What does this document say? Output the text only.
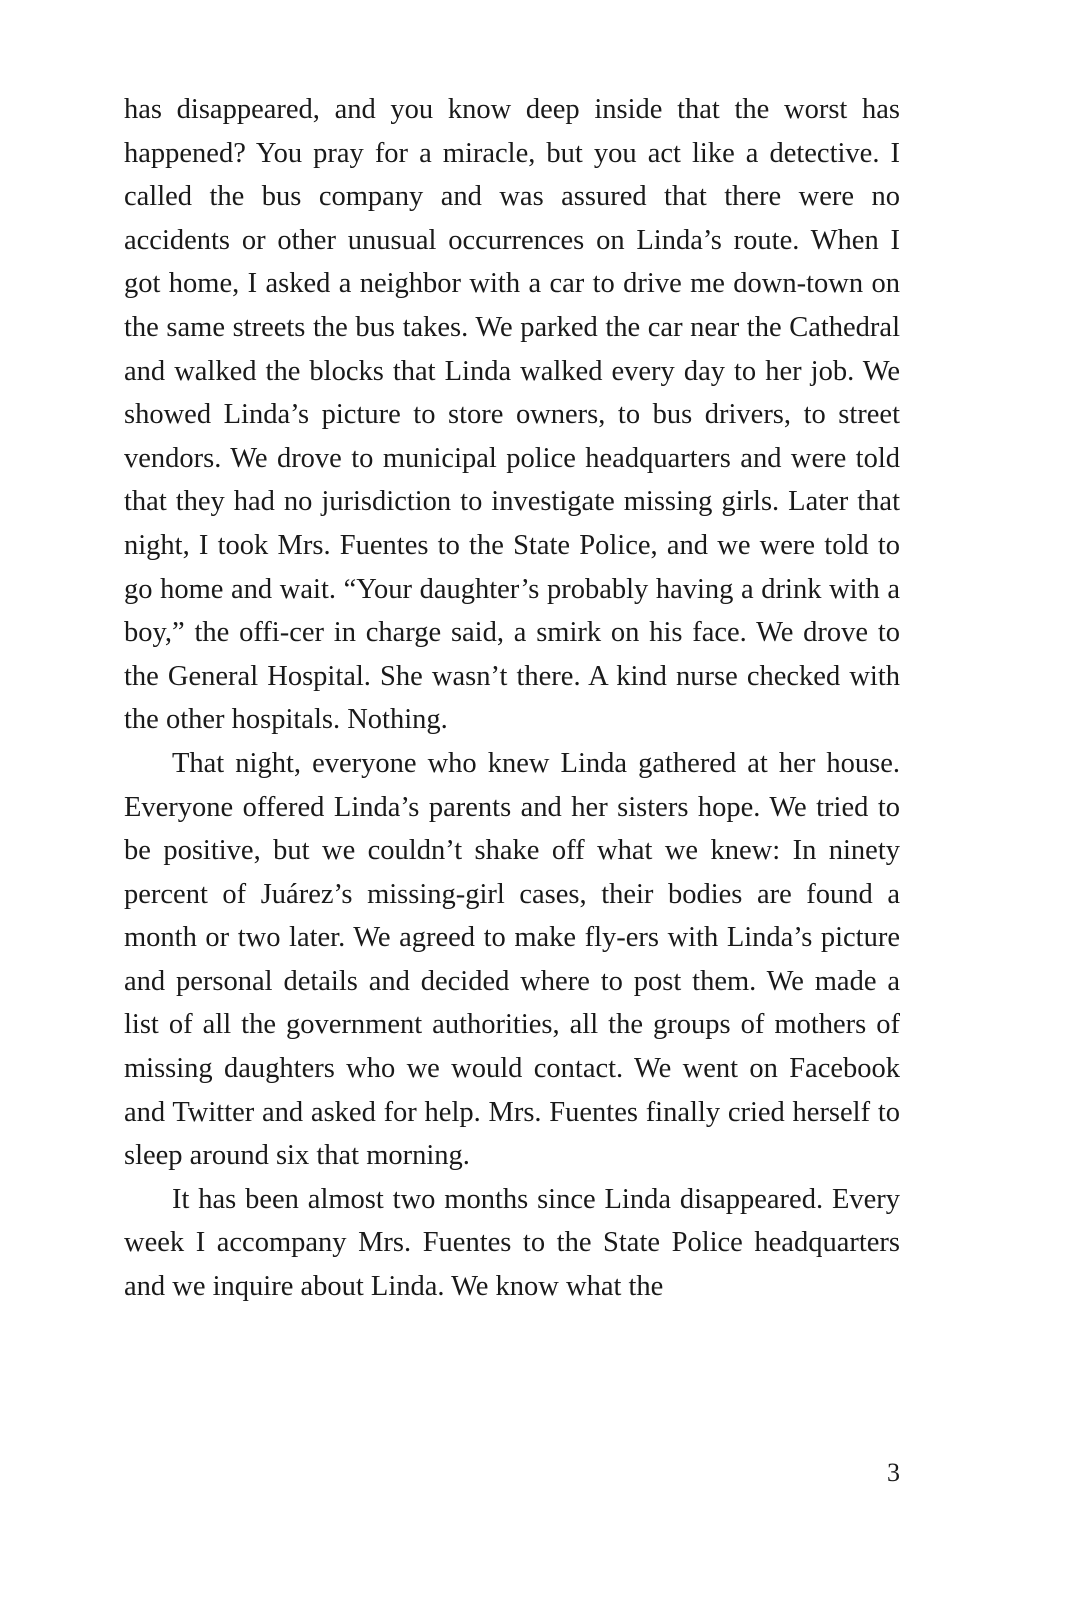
has disappeared, and you know deep inside that the worst has happened? You pray for a miracle, but you act like a detective. I called the bus company and was assured that there were no accidents or other unusual occurrences on Linda’s route. When I got home, I asked a neighbor with a car to drive me down-town on the same streets the bus takes. We parked the car near the Cathedral and walked the blocks that Linda walked every day to her job. We showed Linda’s picture to store owners, to bus drivers, to street vendors. We drove to municipal police headquarters and were told that they had no jurisdiction to investigate missing girls. Later that night, I took Mrs. Fuentes to the State Police, and we were told to go home and wait. “Your daughter’s probably having a drink with a boy,” the offi-cer in charge said, a smirk on his face. We drove to the General Hospital. She wasn’t there. A kind nurse checked with the other hospitals. Nothing.

That night, everyone who knew Linda gathered at her house. Everyone offered Linda’s parents and her sisters hope. We tried to be positive, but we couldn’t shake off what we knew: In ninety percent of Juárez’s missing-girl cases, their bodies are found a month or two later. We agreed to make fly-ers with Linda’s picture and personal details and decided where to post them. We made a list of all the government authorities, all the groups of mothers of missing daughters who we would contact. We went on Facebook and Twitter and asked for help. Mrs. Fuentes finally cried herself to sleep around six that morning.

It has been almost two months since Linda disappeared. Every week I accompany Mrs. Fuentes to the State Police headquarters and we inquire about Linda. We know what the

3
